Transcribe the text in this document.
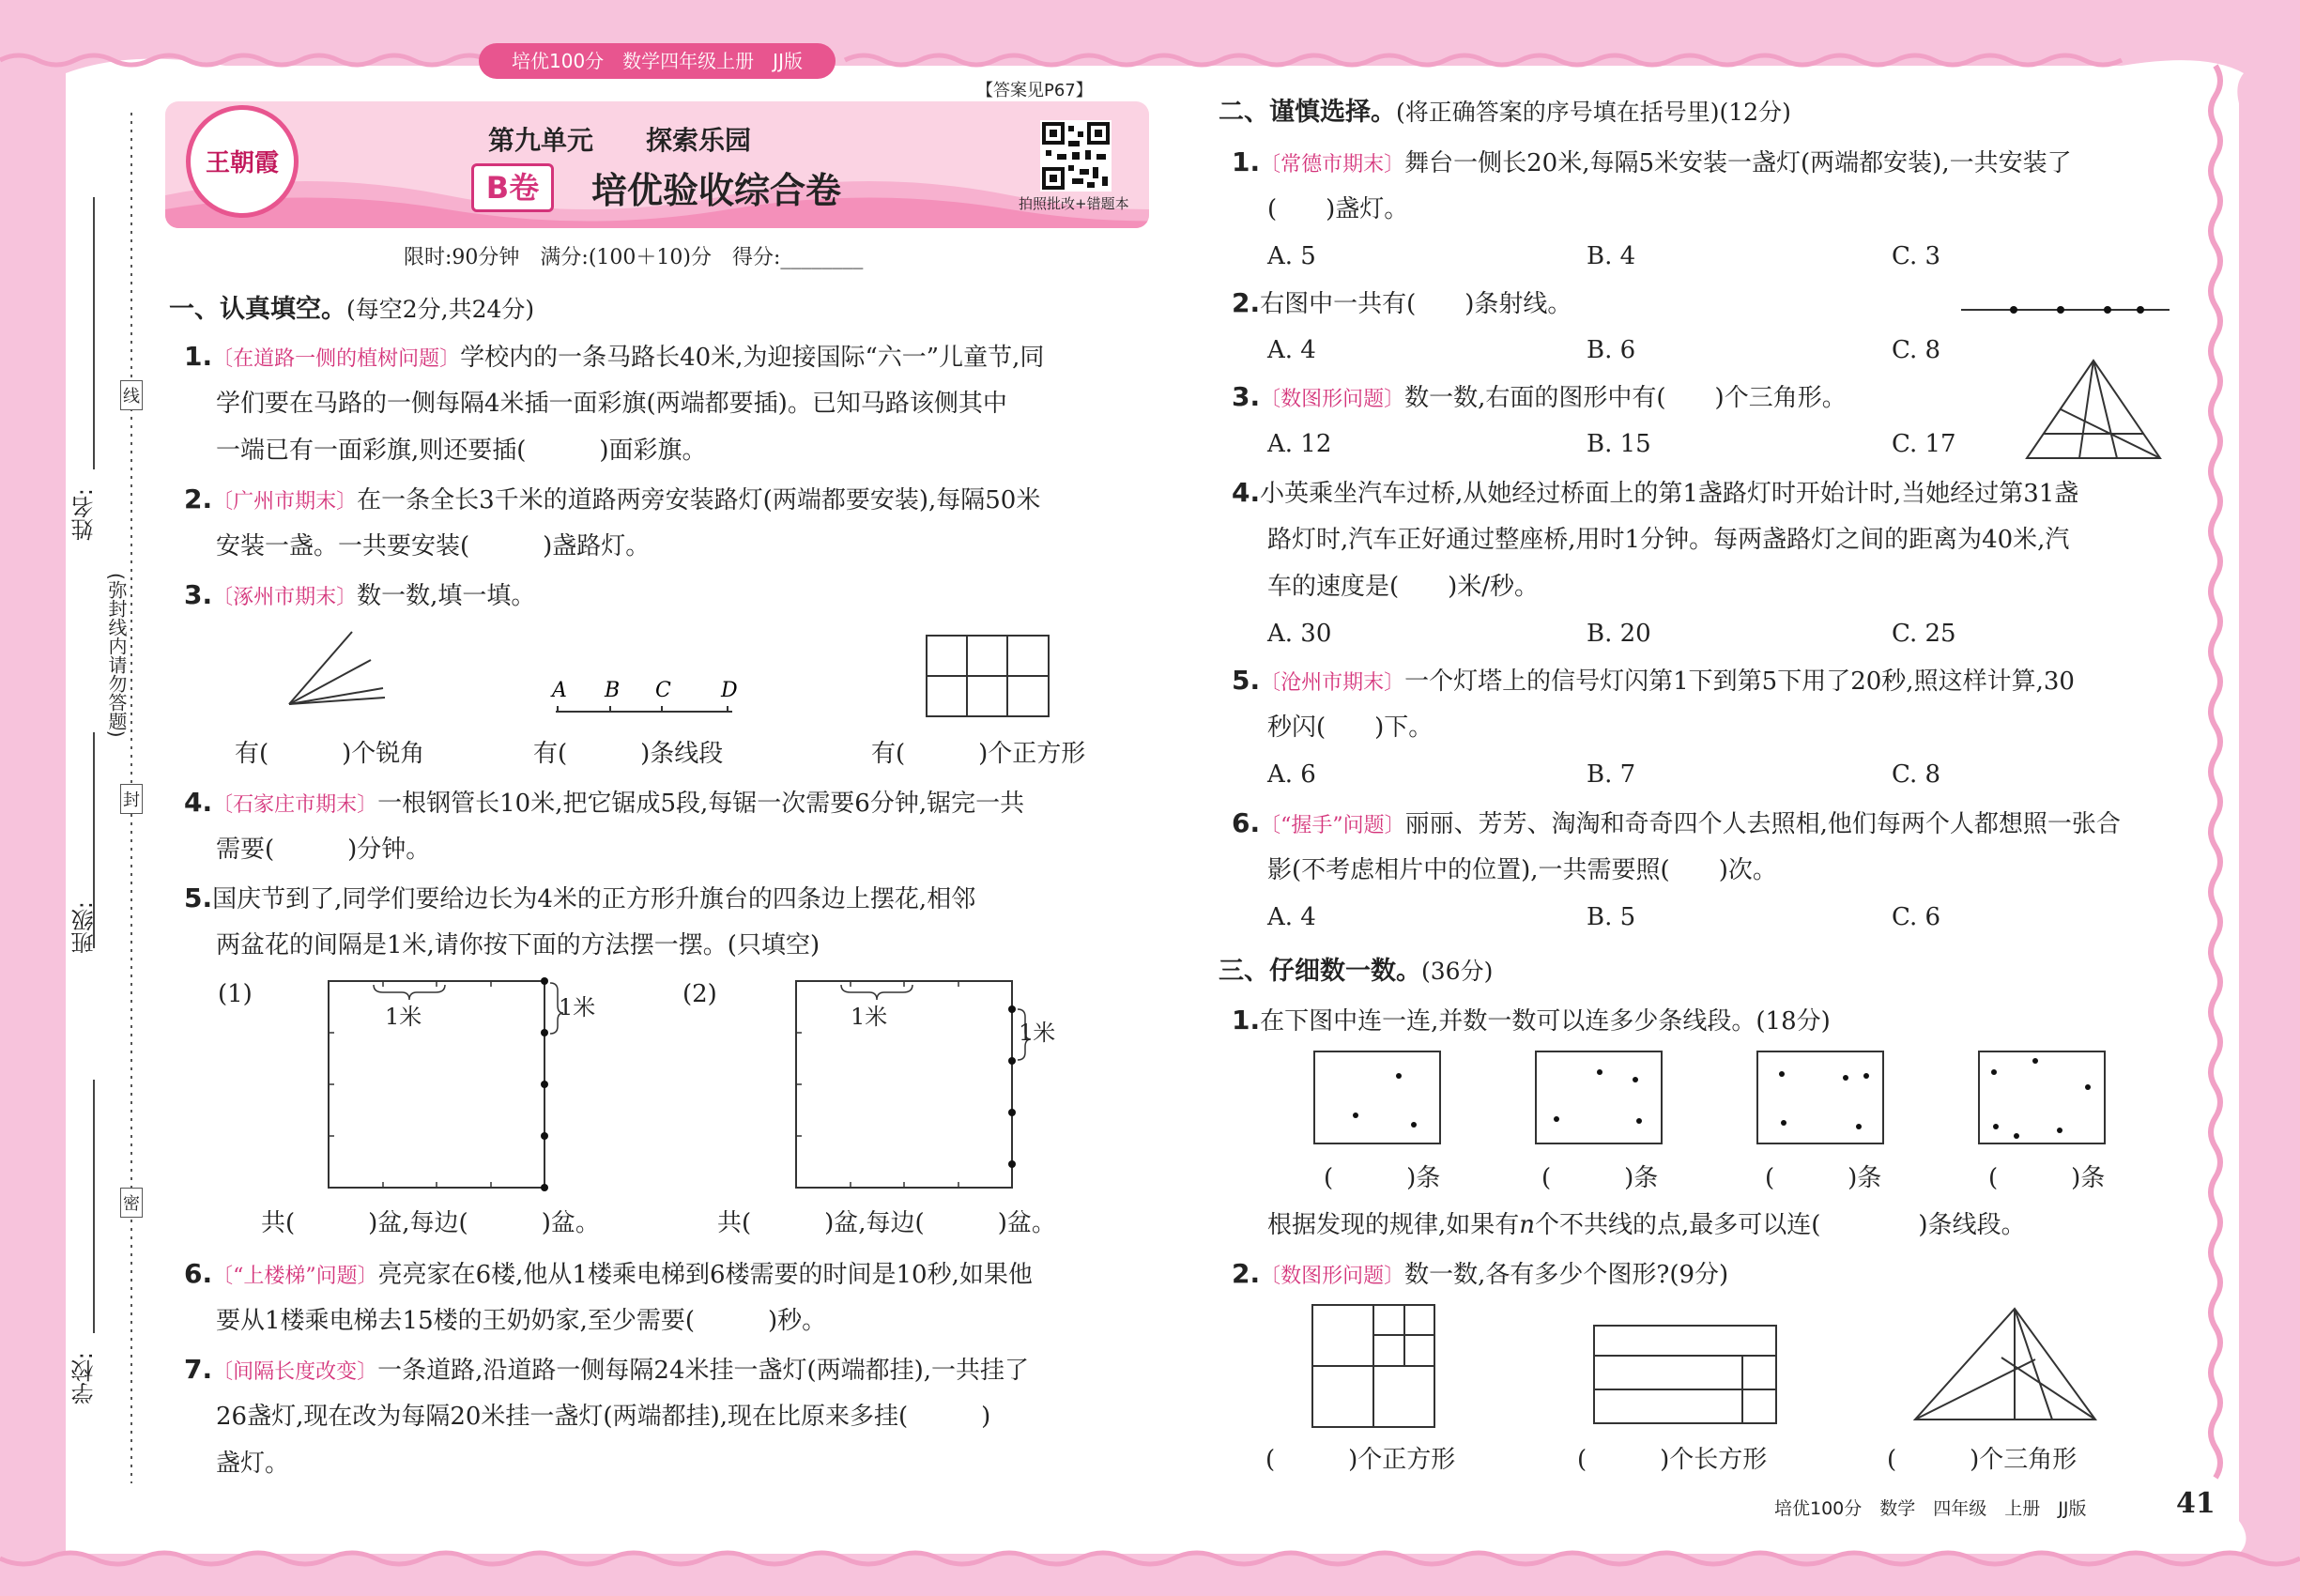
培优100分　数学四年级上册　JJ版
【答案见P67】
王朝霞
第九单元　　探索乐园
B卷	培优验收综合卷	拍照批改+错题本
限时:90分钟　满分:(100＋10)分　得分:________
姓名:
班级:
学校:
(弥封线内请勿答题)
线
封
密
一、认真填空。(每空2分,共24分)
1.〔在道路一侧的植树问题〕学校内的一条马路长40米,为迎接国际“六一”儿童节,同
学们要在马路的一侧每隔4米插一面彩旗(两端都要插)。已知马路该侧其中
一端已有一面彩旗,则还要插(　　　)面彩旗。
2.〔广州市期末〕在一条全长3千米的道路两旁安装路灯(两端都要安装),每隔50米
安装一盏。一共要安装(　　　)盏路灯。
3.〔涿州市期末〕数一数,填一填。
A B C D
有(　　　)个锐角	有(　　　)条线段	有(　　　)个正方形
4.〔石家庄市期末〕一根钢管长10米,把它锯成5段,每锯一次需要6分钟,锯完一共
需要(　　　)分钟。
5.国庆节到了,同学们要给边长为4米的正方形升旗台的四条边上摆花,相邻
两盆花的间隔是1米,请你按下面的方法摆一摆。(只填空)
(1)	(2)
1米	1米	1米
1米
共(　　　)盆,每边(　　　)盆。	共(　　　)盆,每边(　　　)盆。
6.〔“上楼梯”问题〕亮亮家在6楼,他从1楼乘电梯到6楼需要的时间是10秒,如果他
要从1楼乘电梯去15楼的王奶奶家,至少需要(　　　)秒。
7.〔间隔长度改变〕一条道路,沿道路一侧每隔24米挂一盏灯(两端都挂),一共挂了
26盏灯,现在改为每隔20米挂一盏灯(两端都挂),现在比原来多挂(　　　)
盏灯。
二、谨慎选择。(将正确答案的序号填在括号里)(12分)
1.〔常德市期末〕舞台一侧长20米,每隔5米安装一盏灯(两端都安装),一共安装了
(　　)盏灯。
A. 5	B. 4	C. 3
2.右图中一共有(　　)条射线。
A. 4	B. 6	C. 8
3.〔数图形问题〕数一数,右面的图形中有(　　)个三角形。
A. 12	B. 15	C. 17
4.小英乘坐汽车过桥,从她经过桥面上的第1盏路灯时开始计时,当她经过第31盏
路灯时,汽车正好通过整座桥,用时1分钟。每两盏路灯之间的距离为40米,汽
车的速度是(　　)米/秒。
A. 30	B. 20	C. 25
5.〔沧州市期末〕一个灯塔上的信号灯闪第1下到第5下用了20秒,照这样计算,30
秒闪(　　)下。
A. 6	B. 7	C. 8
6.〔“握手”问题〕丽丽、芳芳、淘淘和奇奇四个人去照相,他们每两个人都想照一张合
影(不考虑相片中的位置),一共需要照(　　)次。
A. 4	B. 5	C. 6
三、仔细数一数。(36分)
1.在下图中连一连,并数一数可以连多少条线段。(18分)
(　　　)条	(　　　)条	(　　　)条	(　　　)条
根据发现的规律,如果有n个不共线的点,最多可以连(　　　　)条线段。
2.〔数图形问题〕数一数,各有多少个图形?(9分)
(　　　)个正方形	(　　　)个长方形	(　　　)个三角形
培优100分　数学　四年级　上册　JJ版	41
